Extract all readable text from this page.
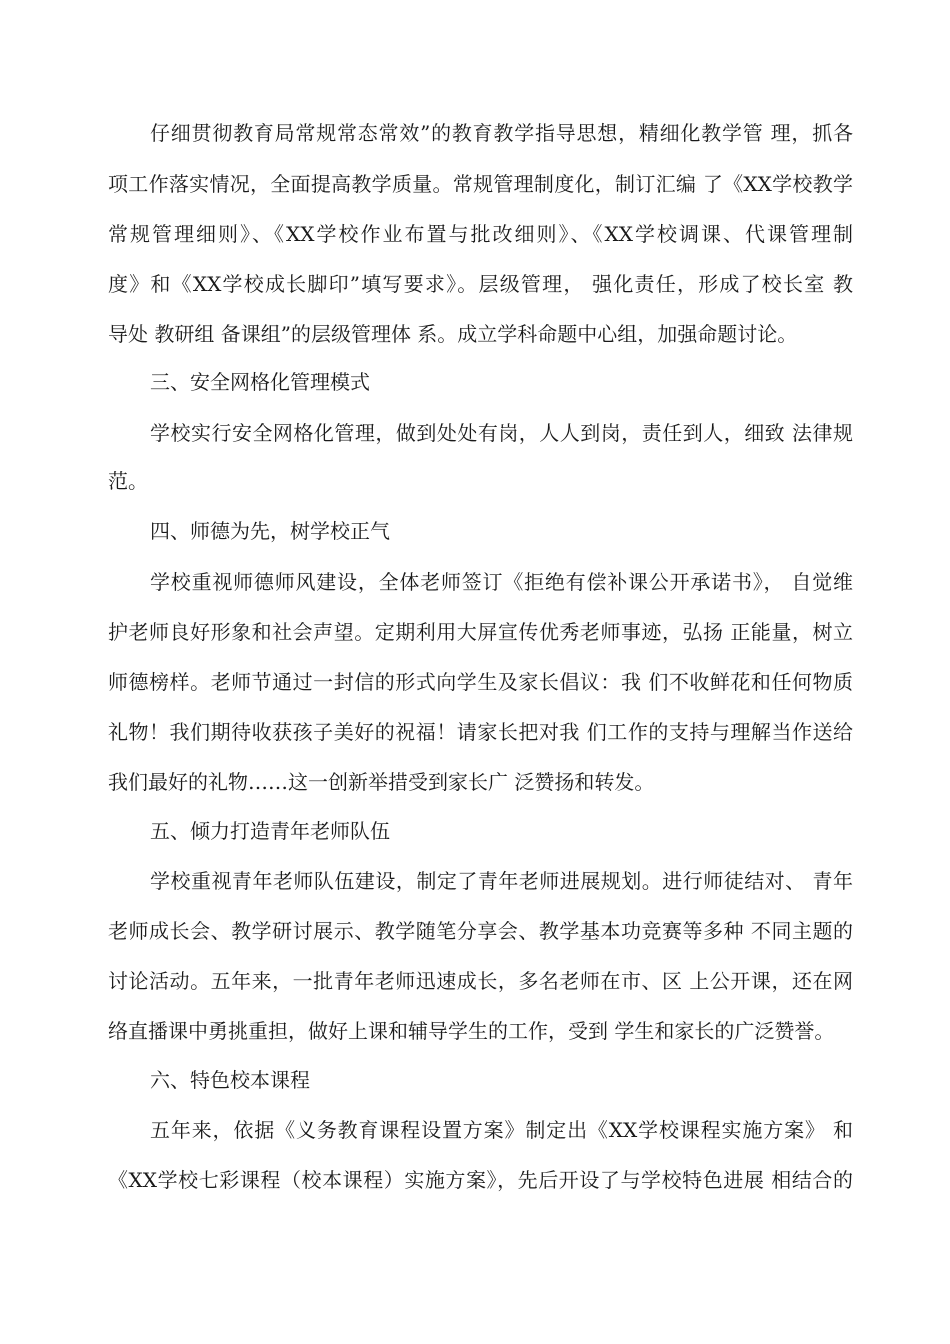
仔细贯彻教育局常规常态常效”的教育教学指导思想，精细化教学管 理，抓各
项工作落实情况，全面提高教学质量。常规管理制度化，制订汇编 了《XX学校教学
常规管理细则》、《XX学校作业布置与批改细则》、《XX学校调课、代课管理制
度》和《XX学校成长脚印”填写要求》。层级管理， 强化责任，形成了校长室 教
导处 教研组 备课组”的层级管理体 系。成立学科命题中心组，加强命题讨论。
三、安全网格化管理模式
学校实行安全网格化管理，做到处处有岗，人人到岗，责任到人，细致 法律规
范。
四、师德为先，树学校正气
学校重视师德师风建设，全体老师签订《拒绝有偿补课公开承诺书》， 自觉维
护老师良好形象和社会声望。定期利用大屏宣传优秀老师事迹，弘扬 正能量，树立
师德榜样。老师节通过一封信的形式向学生及家长倡议：我 们不收鲜花和任何物质
礼物！我们期待收获孩子美好的祝福！请家长把对我 们工作的支持与理解当作送给
我们最好的礼物……这一创新举措受到家长广 泛赞扬和转发。
五、倾力打造青年老师队伍
学校重视青年老师队伍建设，制定了青年老师进展规划。进行师徒结对、 青年
老师成长会、教学研讨展示、教学随笔分享会、教学基本功竞赛等多种 不同主题的
讨论活动。五年来，一批青年老师迅速成长，多名老师在市、区 上公开课，还在网
络直播课中勇挑重担，做好上课和辅导学生的工作，受到 学生和家长的广泛赞誉。
六、特色校本课程
五年来，依据《义务教育课程设置方案》制定出《XX学校课程实施方案》 和
《XX学校七彩课程（校本课程）实施方案》，先后开设了与学校特色进展 相结合的
